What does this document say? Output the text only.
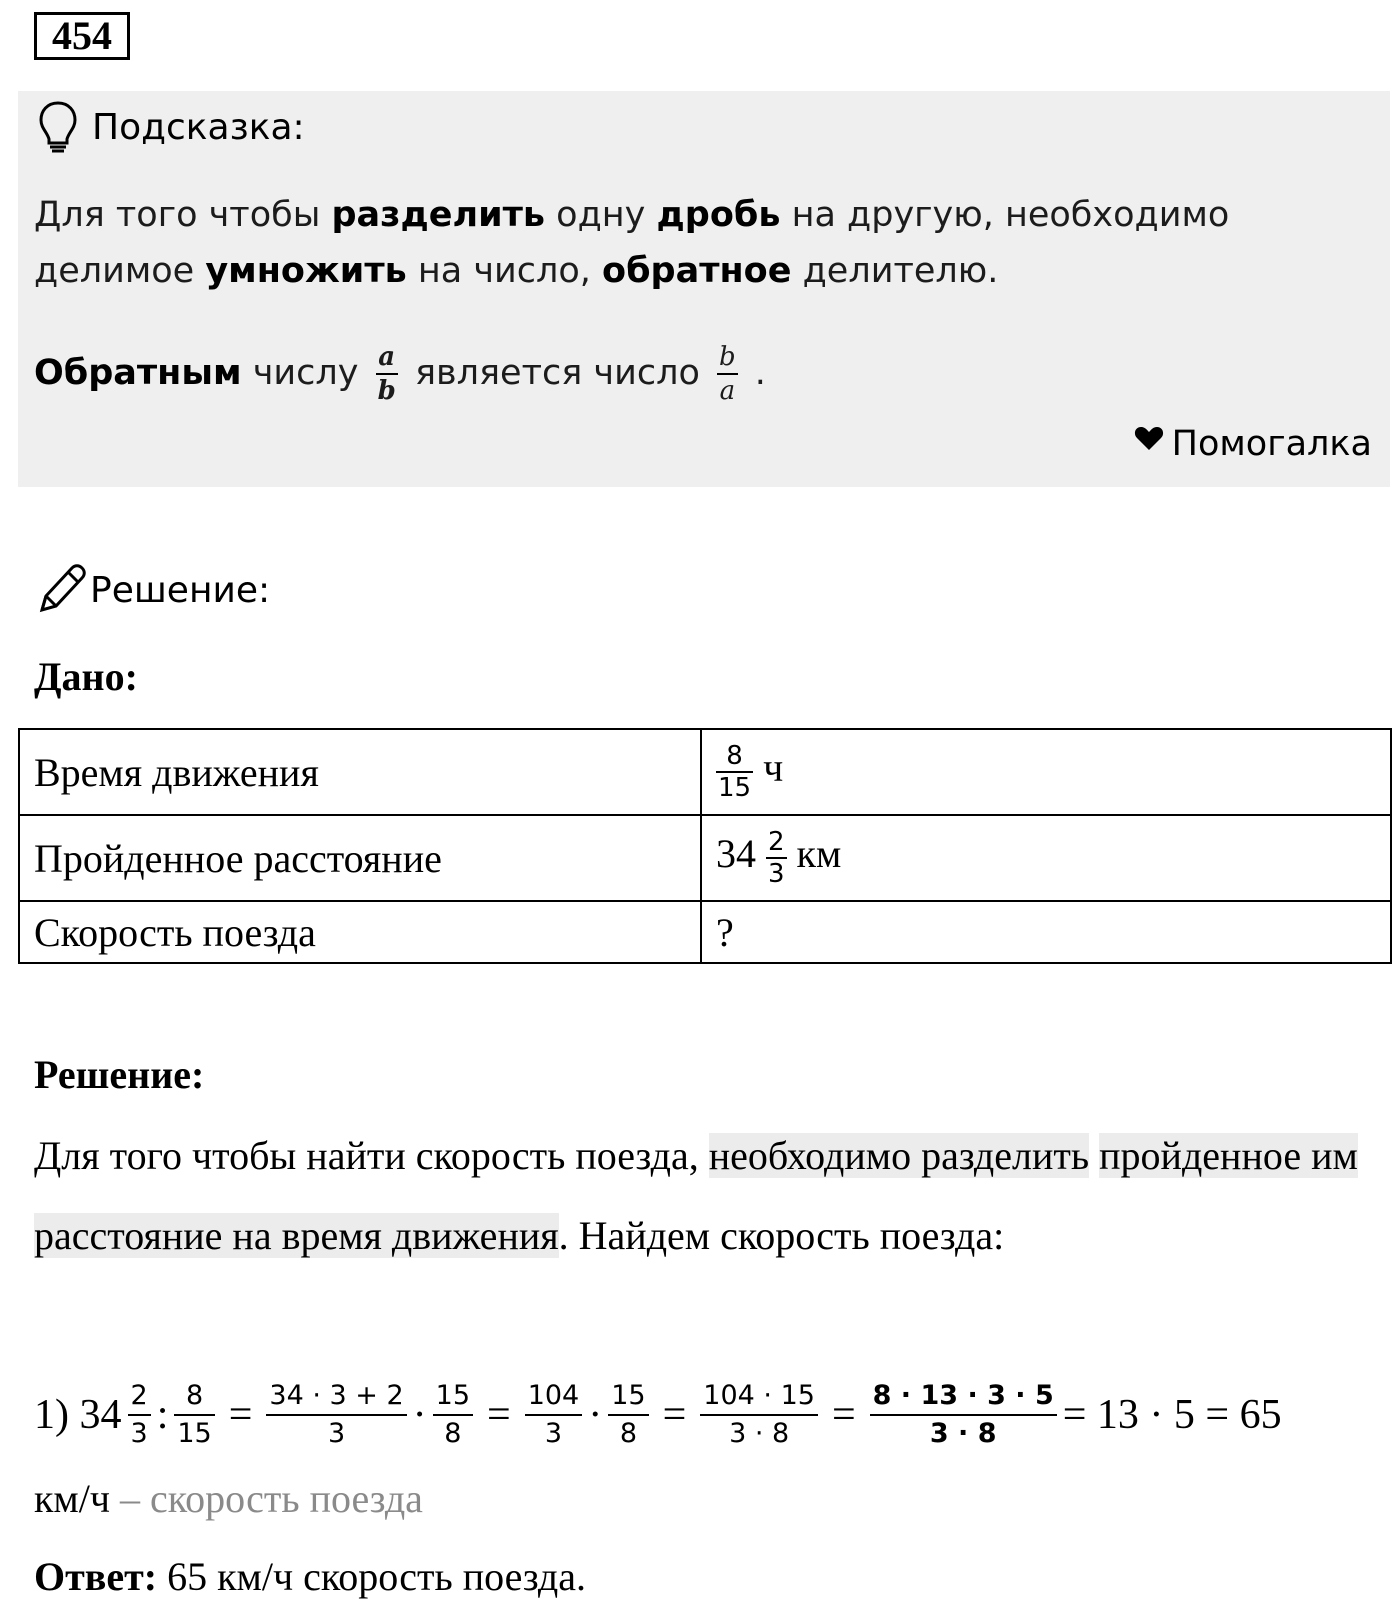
454
Подсказка:
Для того чтобы разделить одну дробь на другую, необходимо делимое умножить на число, обратное делителю.
Обратным числу $\frac{a}{b}$ является число $\frac{b}{a}$ .
Помогалка
Решение:
Дано:
Время движения	$\frac{8}{15}$ ч
Пройденное расстояние	$34 \frac{2}{3}$ км
Скорость поезда	?
Решение:
Для того чтобы найти скорость поезда, необходимо разделить пройденное им расстояние на время движения. Найдем скорость поезда:
1) 34 2
3 : 8
15 = 34 · 3 + 2
3	· 15
8 = 104
3 · 15
8 = 104 · 15
3 · 8	= 8 · 13 · 3 · 5
3 · 8	= 13 · 5 = 65
км/ч – скорость поезда
Ответ: 65 км/ч скорость поезда.
